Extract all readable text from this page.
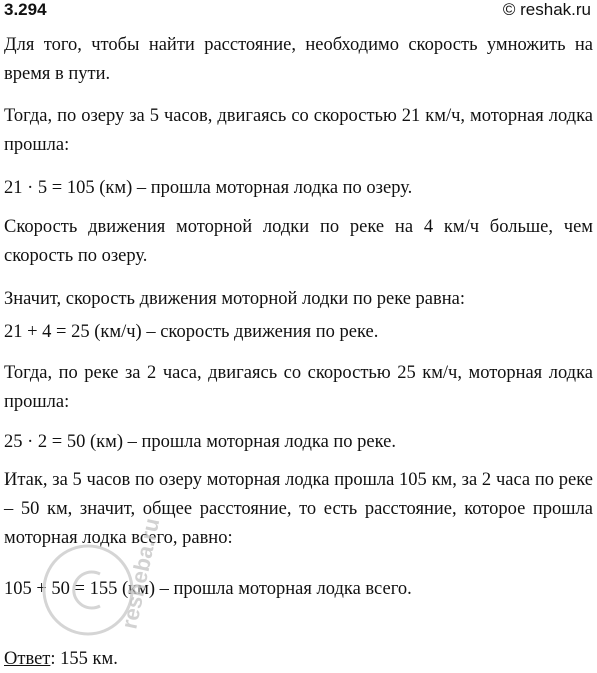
3.294	© reshak.ru

Для того, чтобы найти расстояние, необходимо скорость умножить на время в пути.

Тогда, по озеру за 5 часов, двигаясь со скоростью 21 км/ч, моторная лодка прошла:

21 · 5 = 105 (км) – прошла моторная лодка по озеру.

Скорость движения моторной лодки по реке на 4 км/ч больше, чем скорость по озеру.

Значит, скорость движения моторной лодки по реке равна:

21 + 4 = 25 (км/ч) – скорость движения по реке.

Тогда, по реке за 2 часа, двигаясь со скоростью 25 км/ч, моторная лодка прошла:

25 · 2 = 50 (км) – прошла моторная лодка по реке.

Итак, за 5 часов по озеру моторная лодка прошла 105 км, за 2 часа по реке – 50 км, значит, общее расстояние, то есть расстояние, которое прошла моторная лодка всего, равно:

105 + 50 = 155 (км) – прошла моторная лодка всего.

Ответ: 155 км.
resheba.ru
